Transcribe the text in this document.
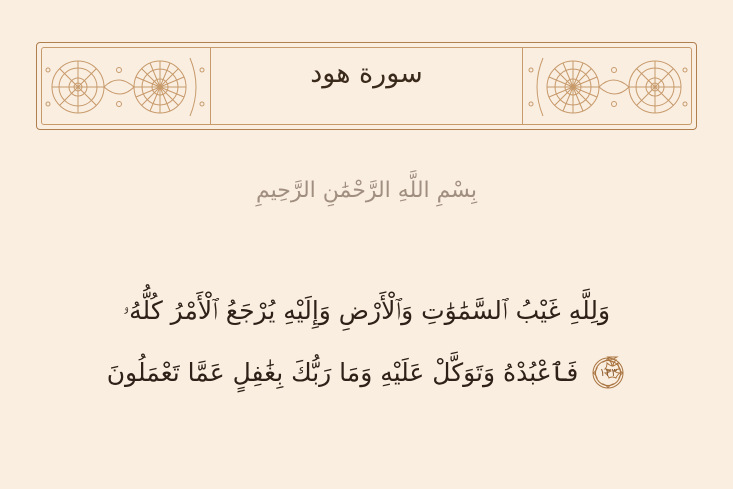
سورة هود
بِسْمِ اللَّهِ الرَّحْمَٰنِ الرَّحِيمِ
وَلِلَّهِ غَيْبُ ٱلسَّمَٰوَٰتِ وَٱلْأَرْضِ وَإِلَيْهِ يُرْجَعُ ٱلْأَمْرُ كُلُّهُۥ
١٢٣
فَٱعْبُدْهُ وَتَوَكَّلْ عَلَيْهِ وَمَا رَبُّكَ بِغَٰفِلٍ عَمَّا تَعْمَلُونَ
